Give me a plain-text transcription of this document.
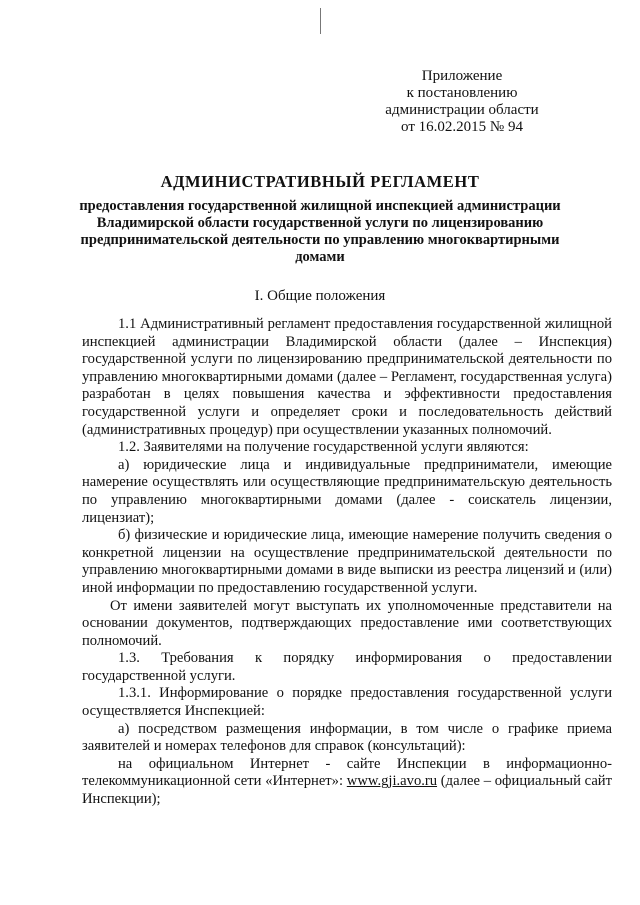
Приложение
к постановлению
администрации области
от 16.02.2015 № 94
АДМИНИСТРАТИВНЫЙ РЕГЛАМЕНТ
предоставления государственной жилищной инспекцией администрации Владимирской области государственной услуги по лицензированию предпринимательской деятельности по управлению многоквартирными домами
I. Общие положения

1.1 Административный регламент предоставления государственной жилищной инспекцией администрации Владимирской области (далее – Инспекция) государственной услуги по лицензированию предпринимательской деятельности по управлению многоквартирными домами (далее – Регламент, государственная услуга) разработан в целях повышения качества и эффективности предоставления государственной услуги и определяет сроки и последовательность действий (административных процедур) при осуществлении указанных полномочий.

1.2. Заявителями на получение государственной услуги являются:

а) юридические лица и индивидуальные предприниматели, имеющие намерение осуществлять или осуществляющие предпринимательскую деятельность по управлению многоквартирными домами (далее - соискатель лицензии, лицензиат);

б) физические и юридические лица, имеющие намерение получить сведения о конкретной лицензии на осуществление предпринимательской деятельности по управлению многоквартирными домами в виде выписки из реестра лицензий и (или) иной информации по предоставлению государственной услуги.

От имени заявителей могут выступать их уполномоченные представители на основании документов, подтверждающих предоставление ими соответствующих полномочий.

1.3. Требования к порядку информирования о предоставлении государственной услуги.

1.3.1. Информирование о порядке предоставления государственной услуги осуществляется Инспекцией:

а) посредством размещения информации, в том числе о графике приема заявителей и номерах телефонов для справок (консультаций):

на официальном Интернет - сайте Инспекции в информационно-телекоммуникационной сети «Интернет»: www.gji.avo.ru (далее – официальный сайт Инспекции);
